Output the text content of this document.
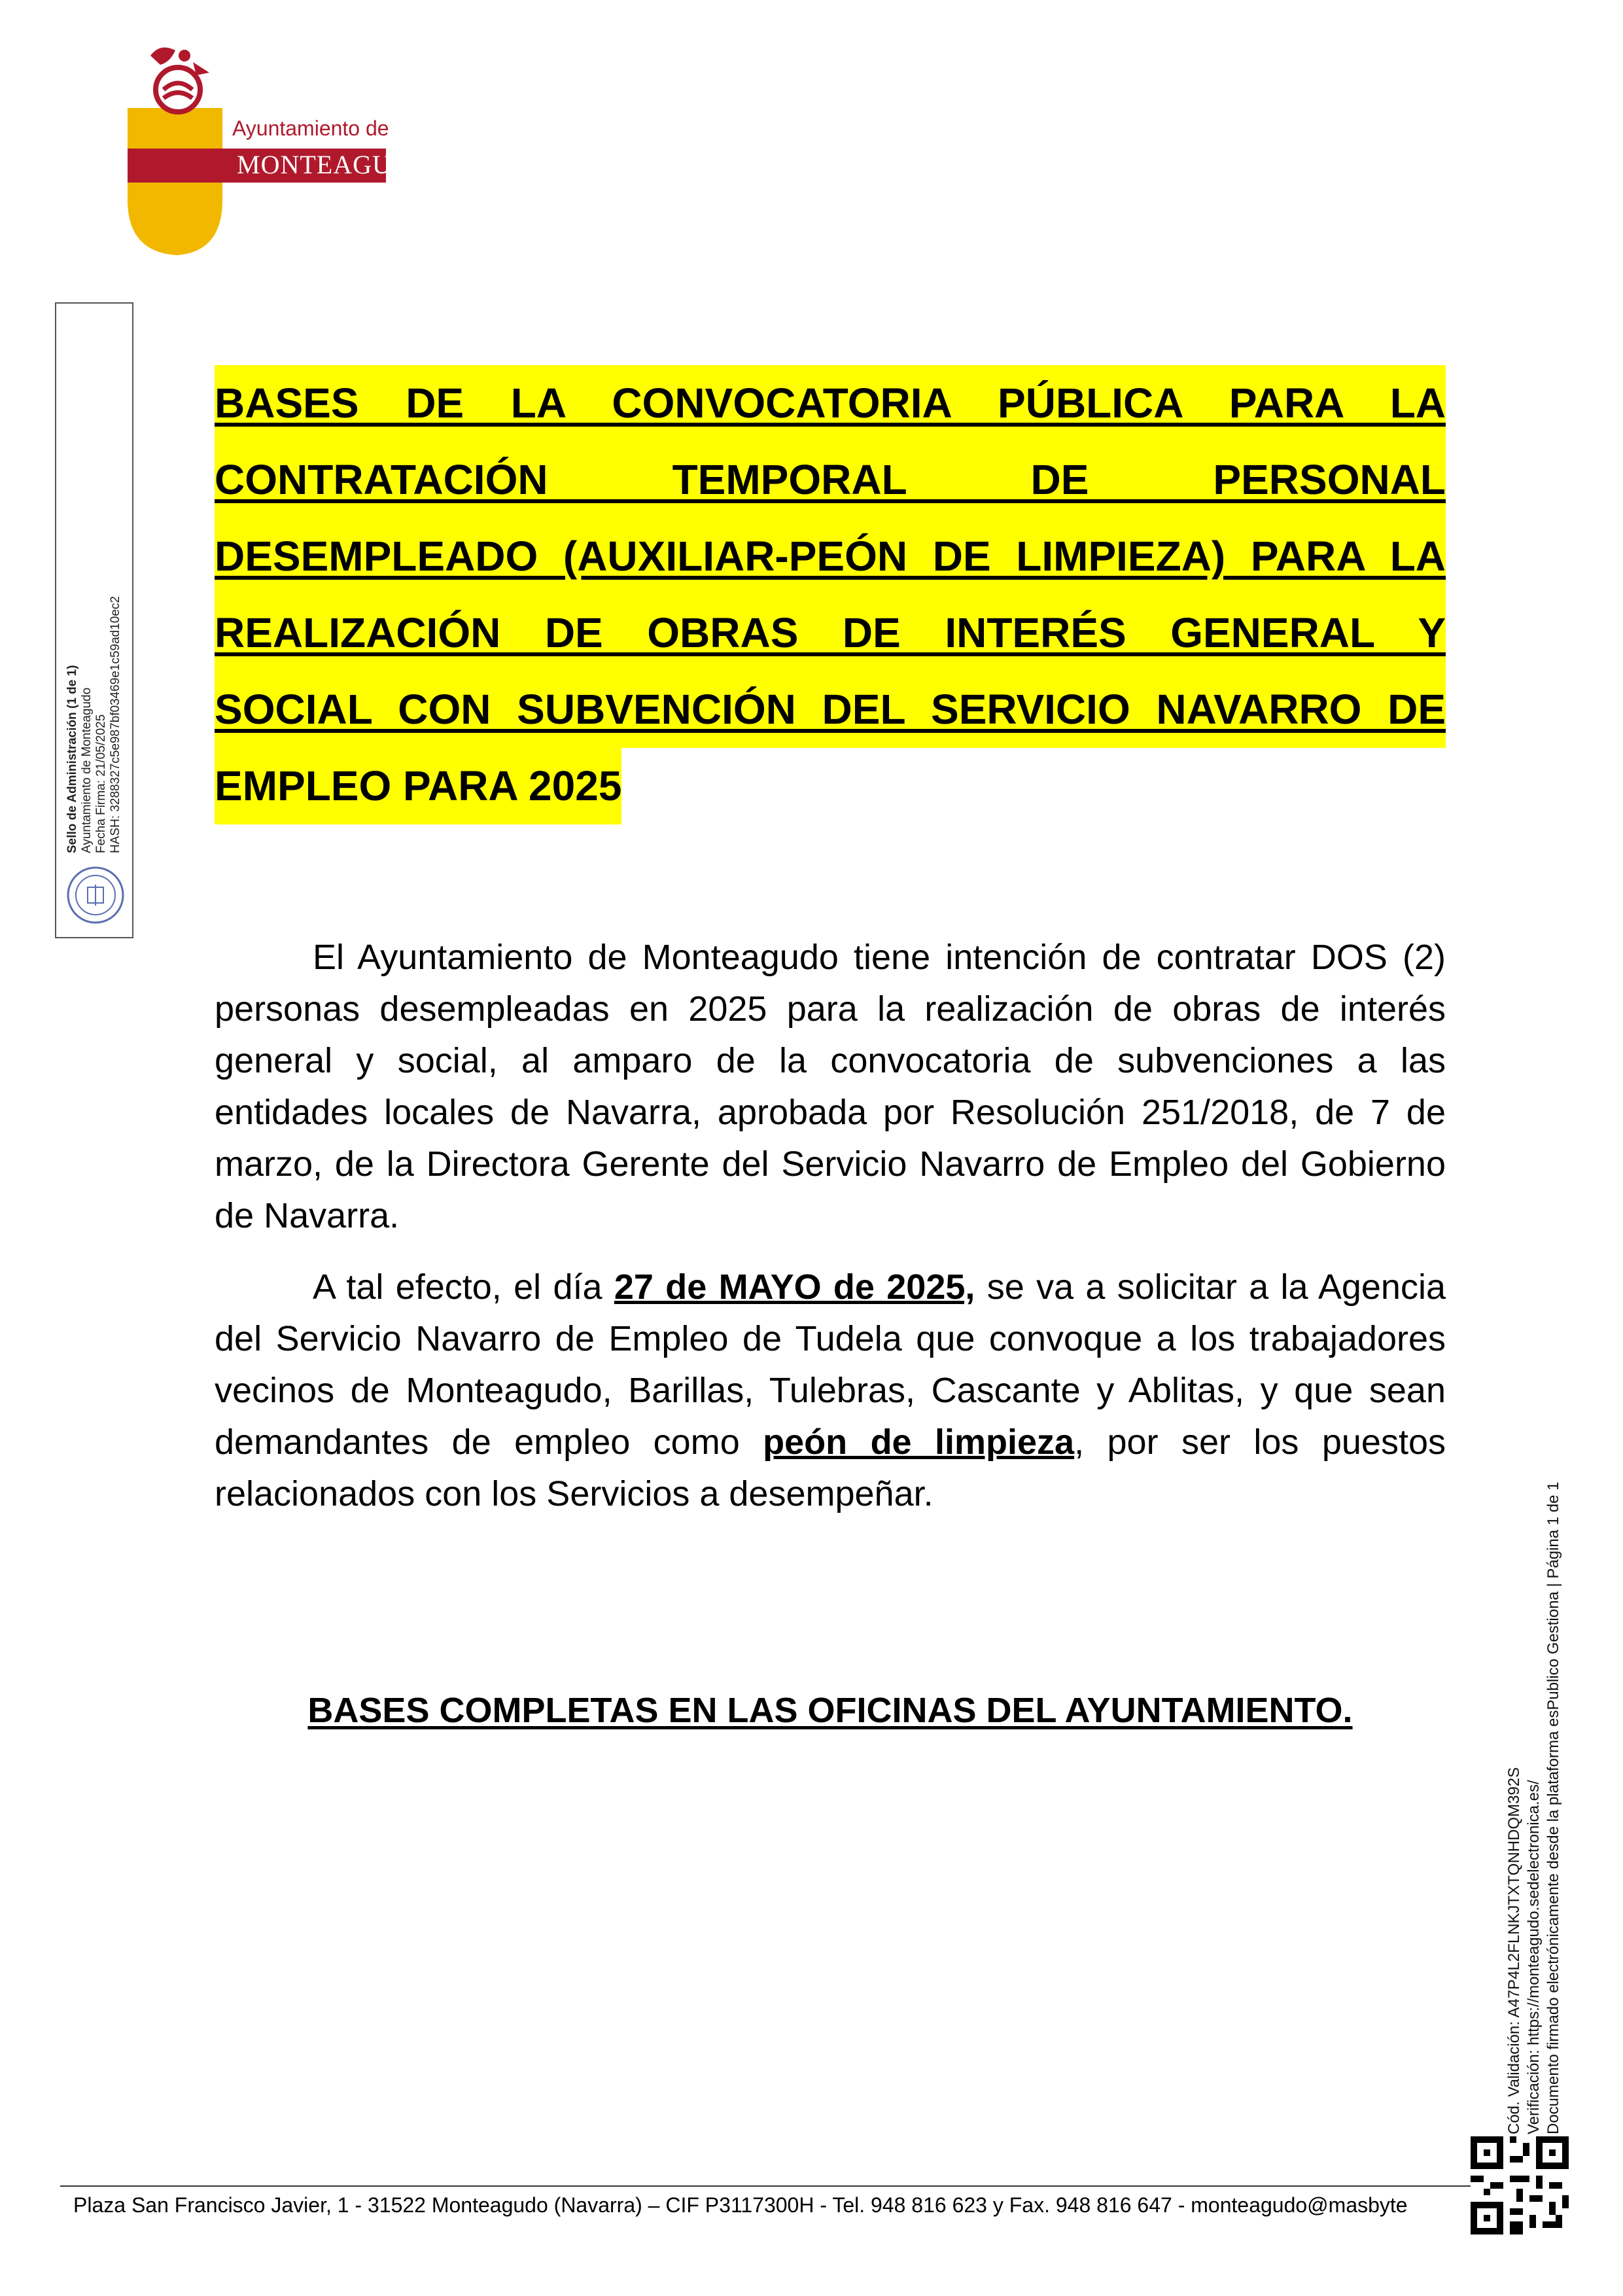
Ayuntamiento de
MONTEAGUDO
Sello de Administración (1 de 1) Ayuntamiento de Monteagudo Fecha Firma: 21/05/2025 HASH: 3288327c5e987bf03469e1c59ad10ec2
BASES DE LA CONVOCATORIA PÚBLICA PARA LA
CONTRATACIÓN TEMPORAL DE PERSONAL
DESEMPLEADO (AUXILIAR-PEÓN DE LIMPIEZA) PARA LA
REALIZACIÓN DE OBRAS DE INTERÉS GENERAL Y
SOCIAL CON SUBVENCIÓN DEL SERVICIO NAVARRO DE
EMPLEO PARA 2025

El Ayuntamiento de Monteagudo tiene intención de contratar DOS (2) personas desempleadas en 2025 para la realización de obras de interés general y social, al amparo de la convocatoria de subvenciones a las entidades locales de Navarra, aprobada por Resolución 251/2018, de 7 de marzo, de la Directora Gerente del Servicio Navarro de Empleo del Gobierno de Navarra.

A tal efecto, el día 27 de MAYO de 2025, se va a solicitar a la Agencia del Servicio Navarro de Empleo de Tudela que convoque a los trabajadores vecinos de Monteagudo, Barillas, Tulebras, Cascante y Ablitas, y que sean demandantes de empleo como peón de limpieza, por ser los puestos relacionados con los Servicios a desempeñar.

BASES COMPLETAS EN LAS OFICINAS DEL AYUNTAMIENTO.
Cód. Validación: A47P4L2FLNKJTXTQNHDQM392S Verificación: https://monteagudo.sedelectronica.es/ Documento firmado electrónicamente desde la plataforma esPublico Gestiona | Página 1 de 1
Plaza San Francisco Javier, 1 - 31522 Monteagudo (Navarra) – CIF P3117300H - Tel. 948 816 623 y Fax. 948 816 647 - monteagudo@masbyte
